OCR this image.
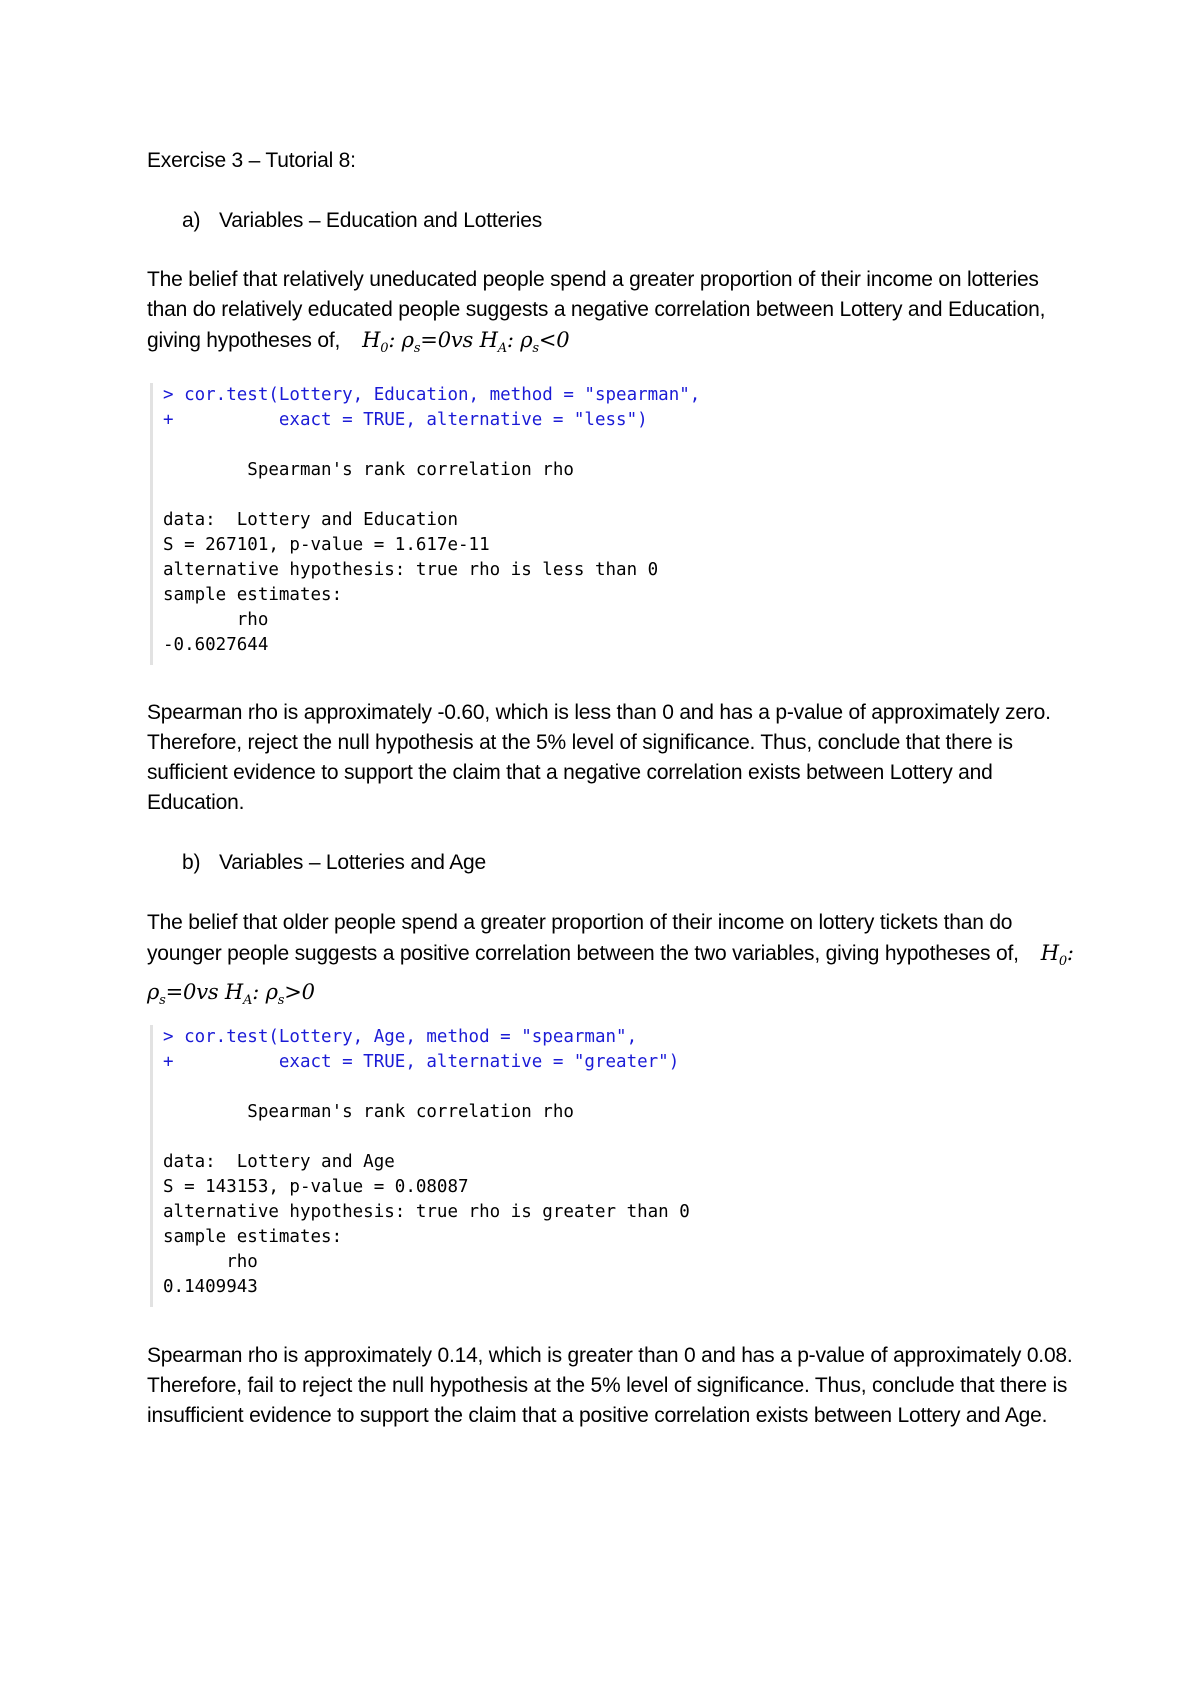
Exercise 3 – Tutorial 8:
a) Variables – Education and Lotteries
The belief that relatively uneducated people spend a greater proportion of their income on lotteries than do relatively educated people suggests a negative correlation between Lottery and Education, giving hypotheses of, $H_0$: $\rho_s=0vs$ $H_A$: $\rho_s<0$
> cor.test(Lottery, Education, method = "spearman",
+          exact = TRUE, alternative = "less")
Spearman's rank correlation rho
data:  Lottery and Education
S = 267101, p-value = 1.617e-11
alternative hypothesis: true rho is less than 0
sample estimates:
rho
-0.6027644
Spearman rho is approximately -0.60, which is less than 0 and has a p-value of approximately zero. Therefore, reject the null hypothesis at the 5% level of significance. Thus, conclude that there is sufficient evidence to support the claim that a negative correlation exists between Lottery and Education.
b) Variables – Lotteries and Age
The belief that older people spend a greater proportion of their income on lottery tickets than do younger people suggests a positive correlation between the two variables, giving hypotheses of, $H_0$: $\rho_s=0vs$ $H_A$: $\rho_s>0$
> cor.test(Lottery, Age, method = "spearman",
+          exact = TRUE, alternative = "greater")
Spearman's rank correlation rho
data:  Lottery and Age
S = 143153, p-value = 0.08087
alternative hypothesis: true rho is greater than 0
sample estimates:
rho
0.1409943
Spearman rho is approximately 0.14, which is greater than 0 and has a p-value of approximately 0.08. Therefore, fail to reject the null hypothesis at the 5% level of significance. Thus, conclude that there is insufficient evidence to support the claim that a positive correlation exists between Lottery and Age.
